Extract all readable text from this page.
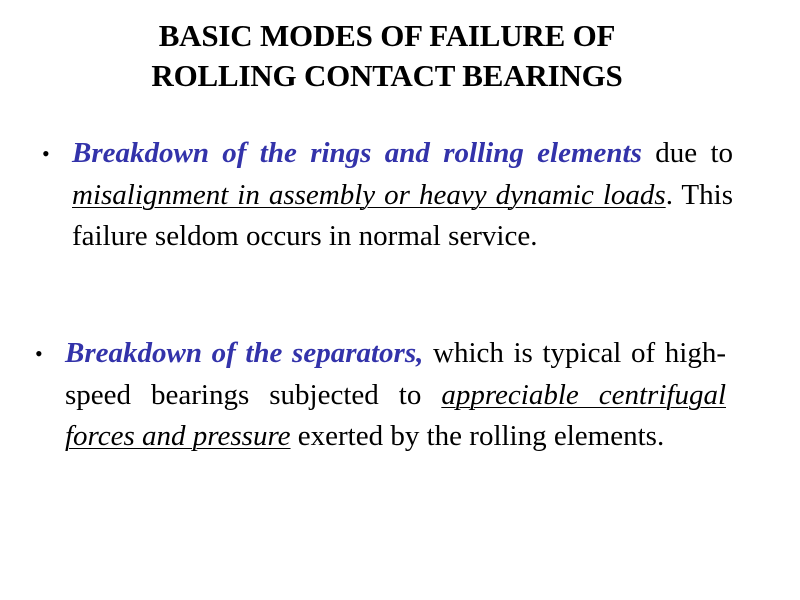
BASIC MODES OF FAILURE OF
ROLLING CONTACT BEARINGS
• Breakdown of the rings and rolling elements due to misalignment in assembly or heavy dynamic loads. This failure seldom occurs in normal service.
• Breakdown of the separators, which is typical of high-speed bearings subjected to appreciable centrifugal forces and pressure exerted by the rolling elements.
